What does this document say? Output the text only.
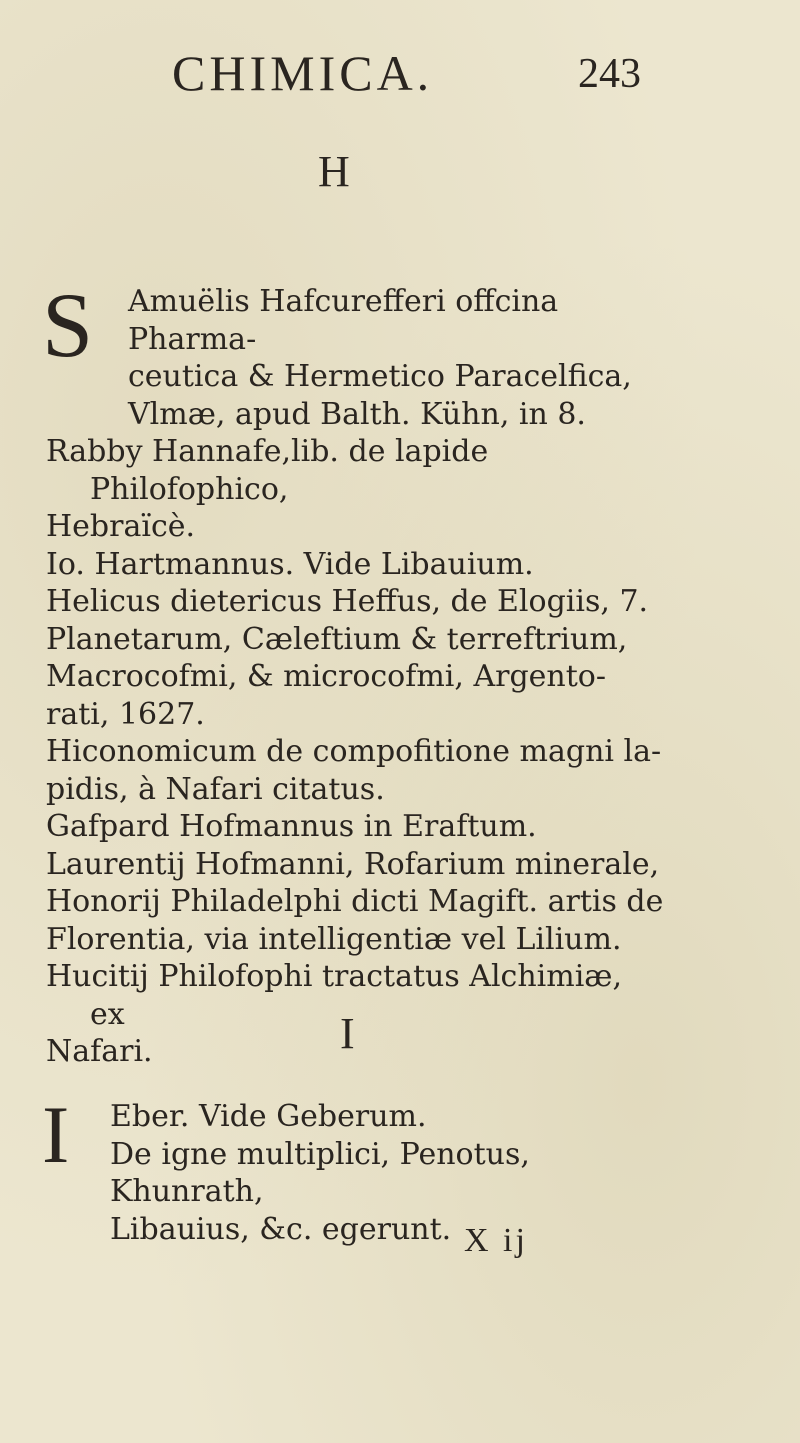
CHIMICA.	243
H
S	Amuëlis Hafcurefferi offcina Pharma-
ceutica & Hermetico Paracelfica,
Vlmæ, apud Balth. Kühn, in 8.
Rabby Hannafe,lib. de lapide Philofophico,
Hebraïcè.
Io. Hartmannus. Vide Libauium.
Helicus dietericus Heffus, de Elogiis, 7.
Planetarum, Cæleftium & terreftrium,
Macrocofmi, & microcofmi, Argento-
rati, 1627.
Hiconomicum de compofitione magni la-
pidis, à Nafari citatus.
Gafpard Hofmannus in Eraftum.
Laurentij Hofmanni, Rofarium minerale,
Honorij Philadelphi dicti Magift. artis de
Florentia, via intelligentiæ vel Lilium.
Hucitij Philofophi tractatus Alchimiæ, ex
Nafari.	I
I	Eber. Vide Geberum.
De igne multiplici, Penotus, Khunrath,
Libauius, &c. egerunt. X ij
